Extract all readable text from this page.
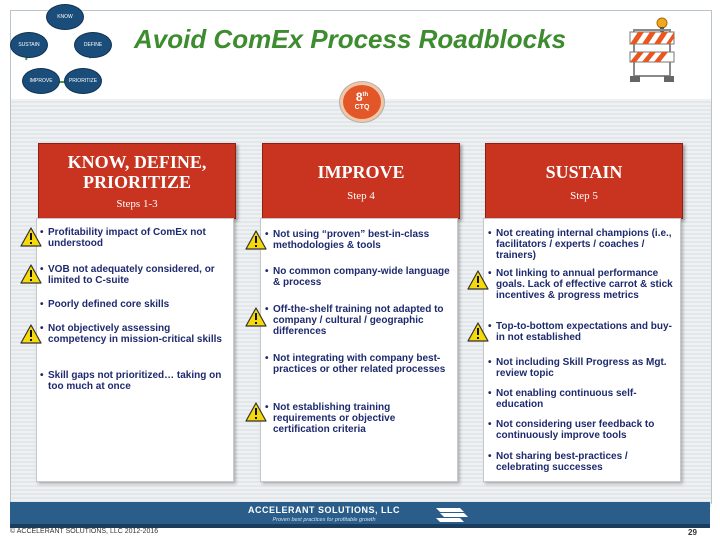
KNOW
DEFINE
PRIORITIZE
IMPROVE
SUSTAIN	Avoid ComEx Process Roadblocks
8th
CTQ
KNOW, DEFINE,
PRIORITIZE
Steps 1-3
• Profitability impact of ComEx not understood
• VOB not adequately considered, or limited to C-suite
• Poorly defined core skills
• Not objectively assessing competency in mission-critical skills
• Skill gaps not prioritized… taking on too much at once
IMPROVE
Step 4
• Not using “proven” best-in-class methodologies & tools
• No common company-wide language & process
• Off-the-shelf training not adapted to company / cultural / geographic differences
• Not integrating with company best-practices or other related processes
• Not establishing training requirements or objective certification criteria
SUSTAIN
Step 5
• Not creating internal champions (i.e., facilitators / experts / coaches / trainers)
• Not linking to annual performance goals. Lack of effective carrot & stick incentives & progress metrics
• Top-to-bottom expectations and buy-in not established
• Not including Skill Progress as Mgt. review topic
• Not enabling continuous self-education
• Not considering user feedback to continuously improve tools
• Not sharing best-practices / celebrating successes
ACCELERANT SOLUTIONS, LLC
Proven best practices for profitable growth
© ACCELERANT SOLUTIONS, LLC 2012-2016	29
